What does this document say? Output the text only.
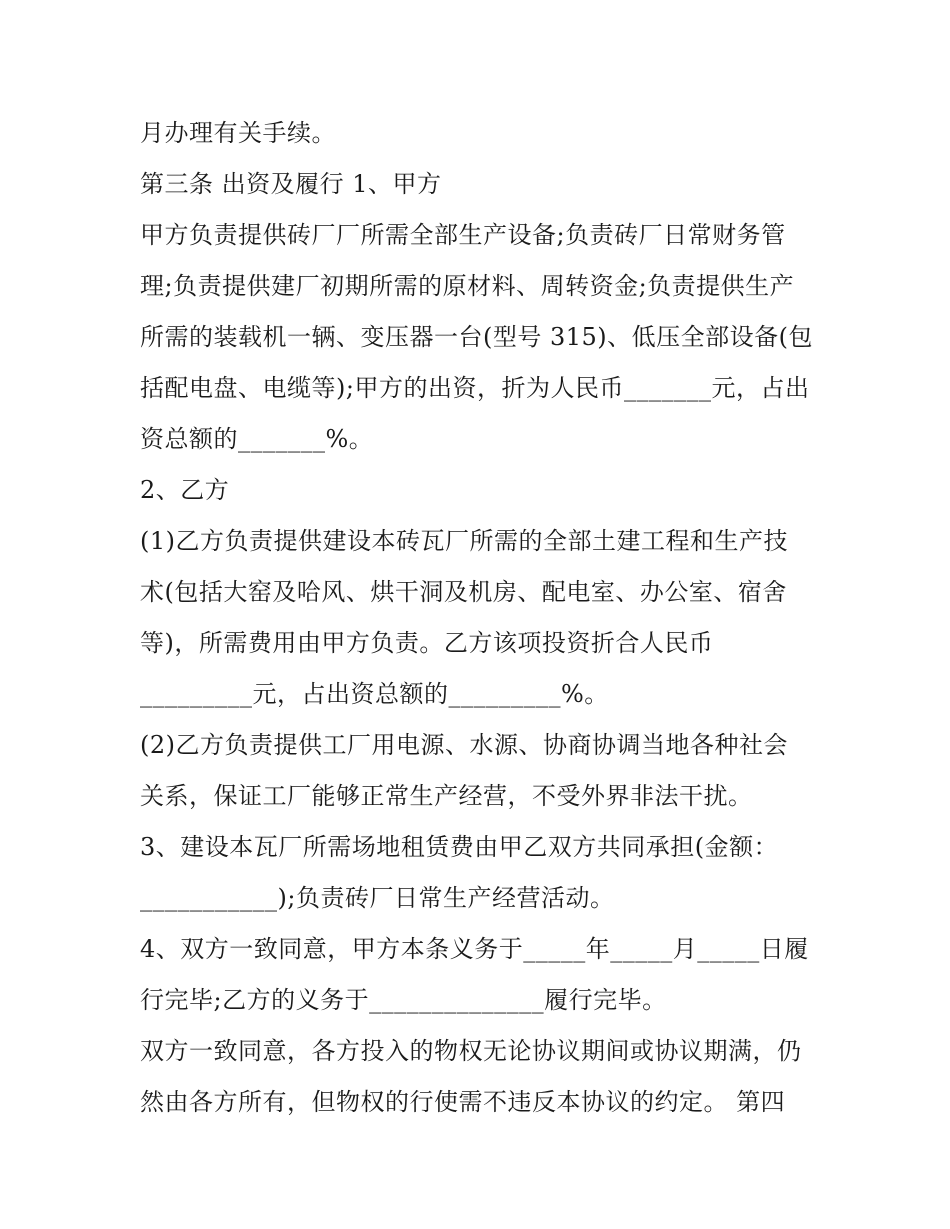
月办理有关手续。
第三条 出资及履行 1、甲方
甲方负责提供砖厂厂所需全部生产设备;负责砖厂日常财务管
理;负责提供建厂初期所需的原材料、周转资金;负责提供生产
所需的装载机一辆、变压器一台(型号 315)、低压全部设备(包
括配电盘、电缆等);甲方的出资，折为人民币_______元，占出
资总额的_______%。
2、乙方
(1)乙方负责提供建设本砖瓦厂所需的全部土建工程和生产技
术(包括大窑及哈风、烘干洞及机房、配电室、办公室、宿舍
等)，所需费用由甲方负责。乙方该项投资折合人民币
_________元，占出资总额的_________%。
(2)乙方负责提供工厂用电源、水源、协商协调当地各种社会
关系，保证工厂能够正常生产经营，不受外界非法干扰。
3、建设本瓦厂所需场地租赁费由甲乙双方共同承担(金额：
___________);负责砖厂日常生产经营活动。
4、双方一致同意，甲方本条义务于_____年_____月_____日履
行完毕;乙方的义务于______________履行完毕。
双方一致同意，各方投入的物权无论协议期间或协议期满，仍
然由各方所有，但物权的行使需不违反本协议的约定。 第四
